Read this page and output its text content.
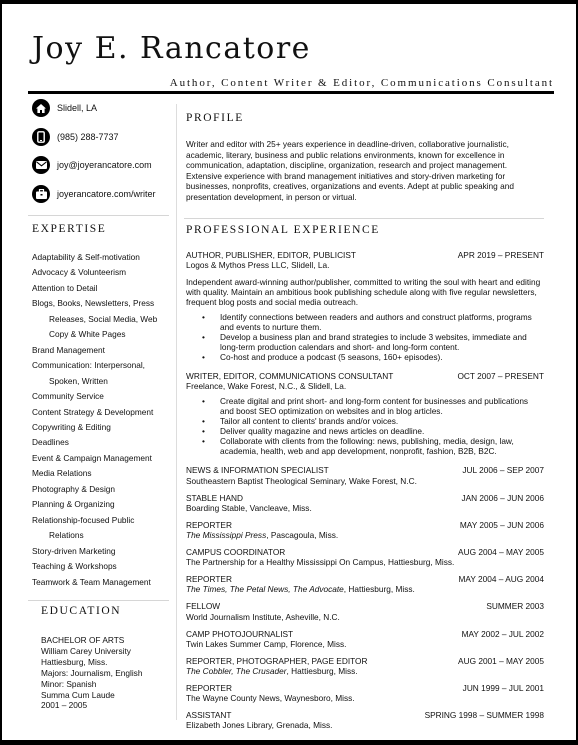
Joy E. Rancatore
Author, Content Writer & Editor, Communications Consultant
Slidell, LA
(985) 288-7737
joy@joyerancatore.com
joyerancatore.com/writer
EXPERTISE
Adaptability & Self-motivation
Advocacy & Volunteerism
Attention to Detail
Blogs, Books, Newsletters, Press
Releases, Social Media, Web
Copy & White Pages
Brand Management
Communication: Interpersonal,
Spoken, Written
Community Service
Content Strategy & Development
Copywriting & Editing
Deadlines
Event & Campaign Management
Media Relations
Photography & Design
Planning & Organizing
Relationship-focused Public
Relations
Story-driven Marketing
Teaching & Workshops
Teamwork & Team Management
EDUCATION
BACHELOR OF ARTS
William Carey University
Hattiesburg, Miss.
Majors: Journalism, English
Minor: Spanish
Summa Cum Laude
2001 – 2005
PROFILE
Writer and editor with 25+ years experience in deadline-driven, collaborative journalistic, academic, literary, business and public relations environments, known for excellence in communication, adaptation, discipline, organization, research and project management. Extensive experience with brand management initiatives and story-driven marketing for businesses, nonprofits, creatives, organizations and events. Adept at public speaking and presentation development, in person or virtual.
PROFESSIONAL EXPERIENCE
AUTHOR, PUBLISHER, EDITOR, PUBLICIST	APR 2019 – PRESENT
Logos & Mythos Press LLC, Slidell, La.
Independent award-winning author/publisher, committed to writing the soul with heart and editing with quality. Maintain an ambitious book publishing schedule along with five regular newsletters, frequent blog posts and social media outreach.
• Identify connections between readers and authors and construct platforms, programs and events to nurture them.
• Develop a business plan and brand strategies to include 3 websites, immediate and long-term production calendars and short- and long-form content.
• Co-host and produce a podcast (5 seasons, 160+ episodes).
WRITER, EDITOR, COMMUNICATIONS CONSULTANT	OCT 2007 – PRESENT
Freelance, Wake Forest, N.C., & Slidell, La.
• Create digital and print short- and long-form content for businesses and publications and boost SEO optimization on websites and in blog articles.
• Tailor all content to clients' brands and/or voices.
• Deliver quality magazine and news articles on deadline.
• Collaborate with clients from the following: news, publishing, media, design, law, academia, health, web and app development, nonprofit, fashion, B2B, B2C.
NEWS & INFORMATION SPECIALIST	JUL 2006 – SEP 2007
Southeastern Baptist Theological Seminary, Wake Forest, N.C.
STABLE HAND	JAN 2006 – JUN 2006
Boarding Stable, Vancleave, Miss.
REPORTER	MAY 2005 – JUN 2006
The Mississippi Press, Pascagoula, Miss.
CAMPUS COORDINATOR	AUG 2004 – MAY 2005
The Partnership for a Healthy Mississippi On Campus, Hattiesburg, Miss.
REPORTER	MAY 2004 – AUG 2004
The Times, The Petal News, The Advocate, Hattiesburg, Miss.
FELLOW	SUMMER 2003
World Journalism Institute, Asheville, N.C.
CAMP PHOTOJOURNALIST	MAY 2002 – JUL 2002
Twin Lakes Summer Camp, Florence, Miss.
REPORTER, PHOTOGRAPHER, PAGE EDITOR	AUG 2001 – MAY 2005
The Cobbler, The Crusader, Hattiesburg, Miss.
REPORTER	JUN 1999 – JUL 2001
The Wayne County News, Waynesboro, Miss.
ASSISTANT	SPRING 1998 – SUMMER 1998
Elizabeth Jones Library, Grenada, Miss.
